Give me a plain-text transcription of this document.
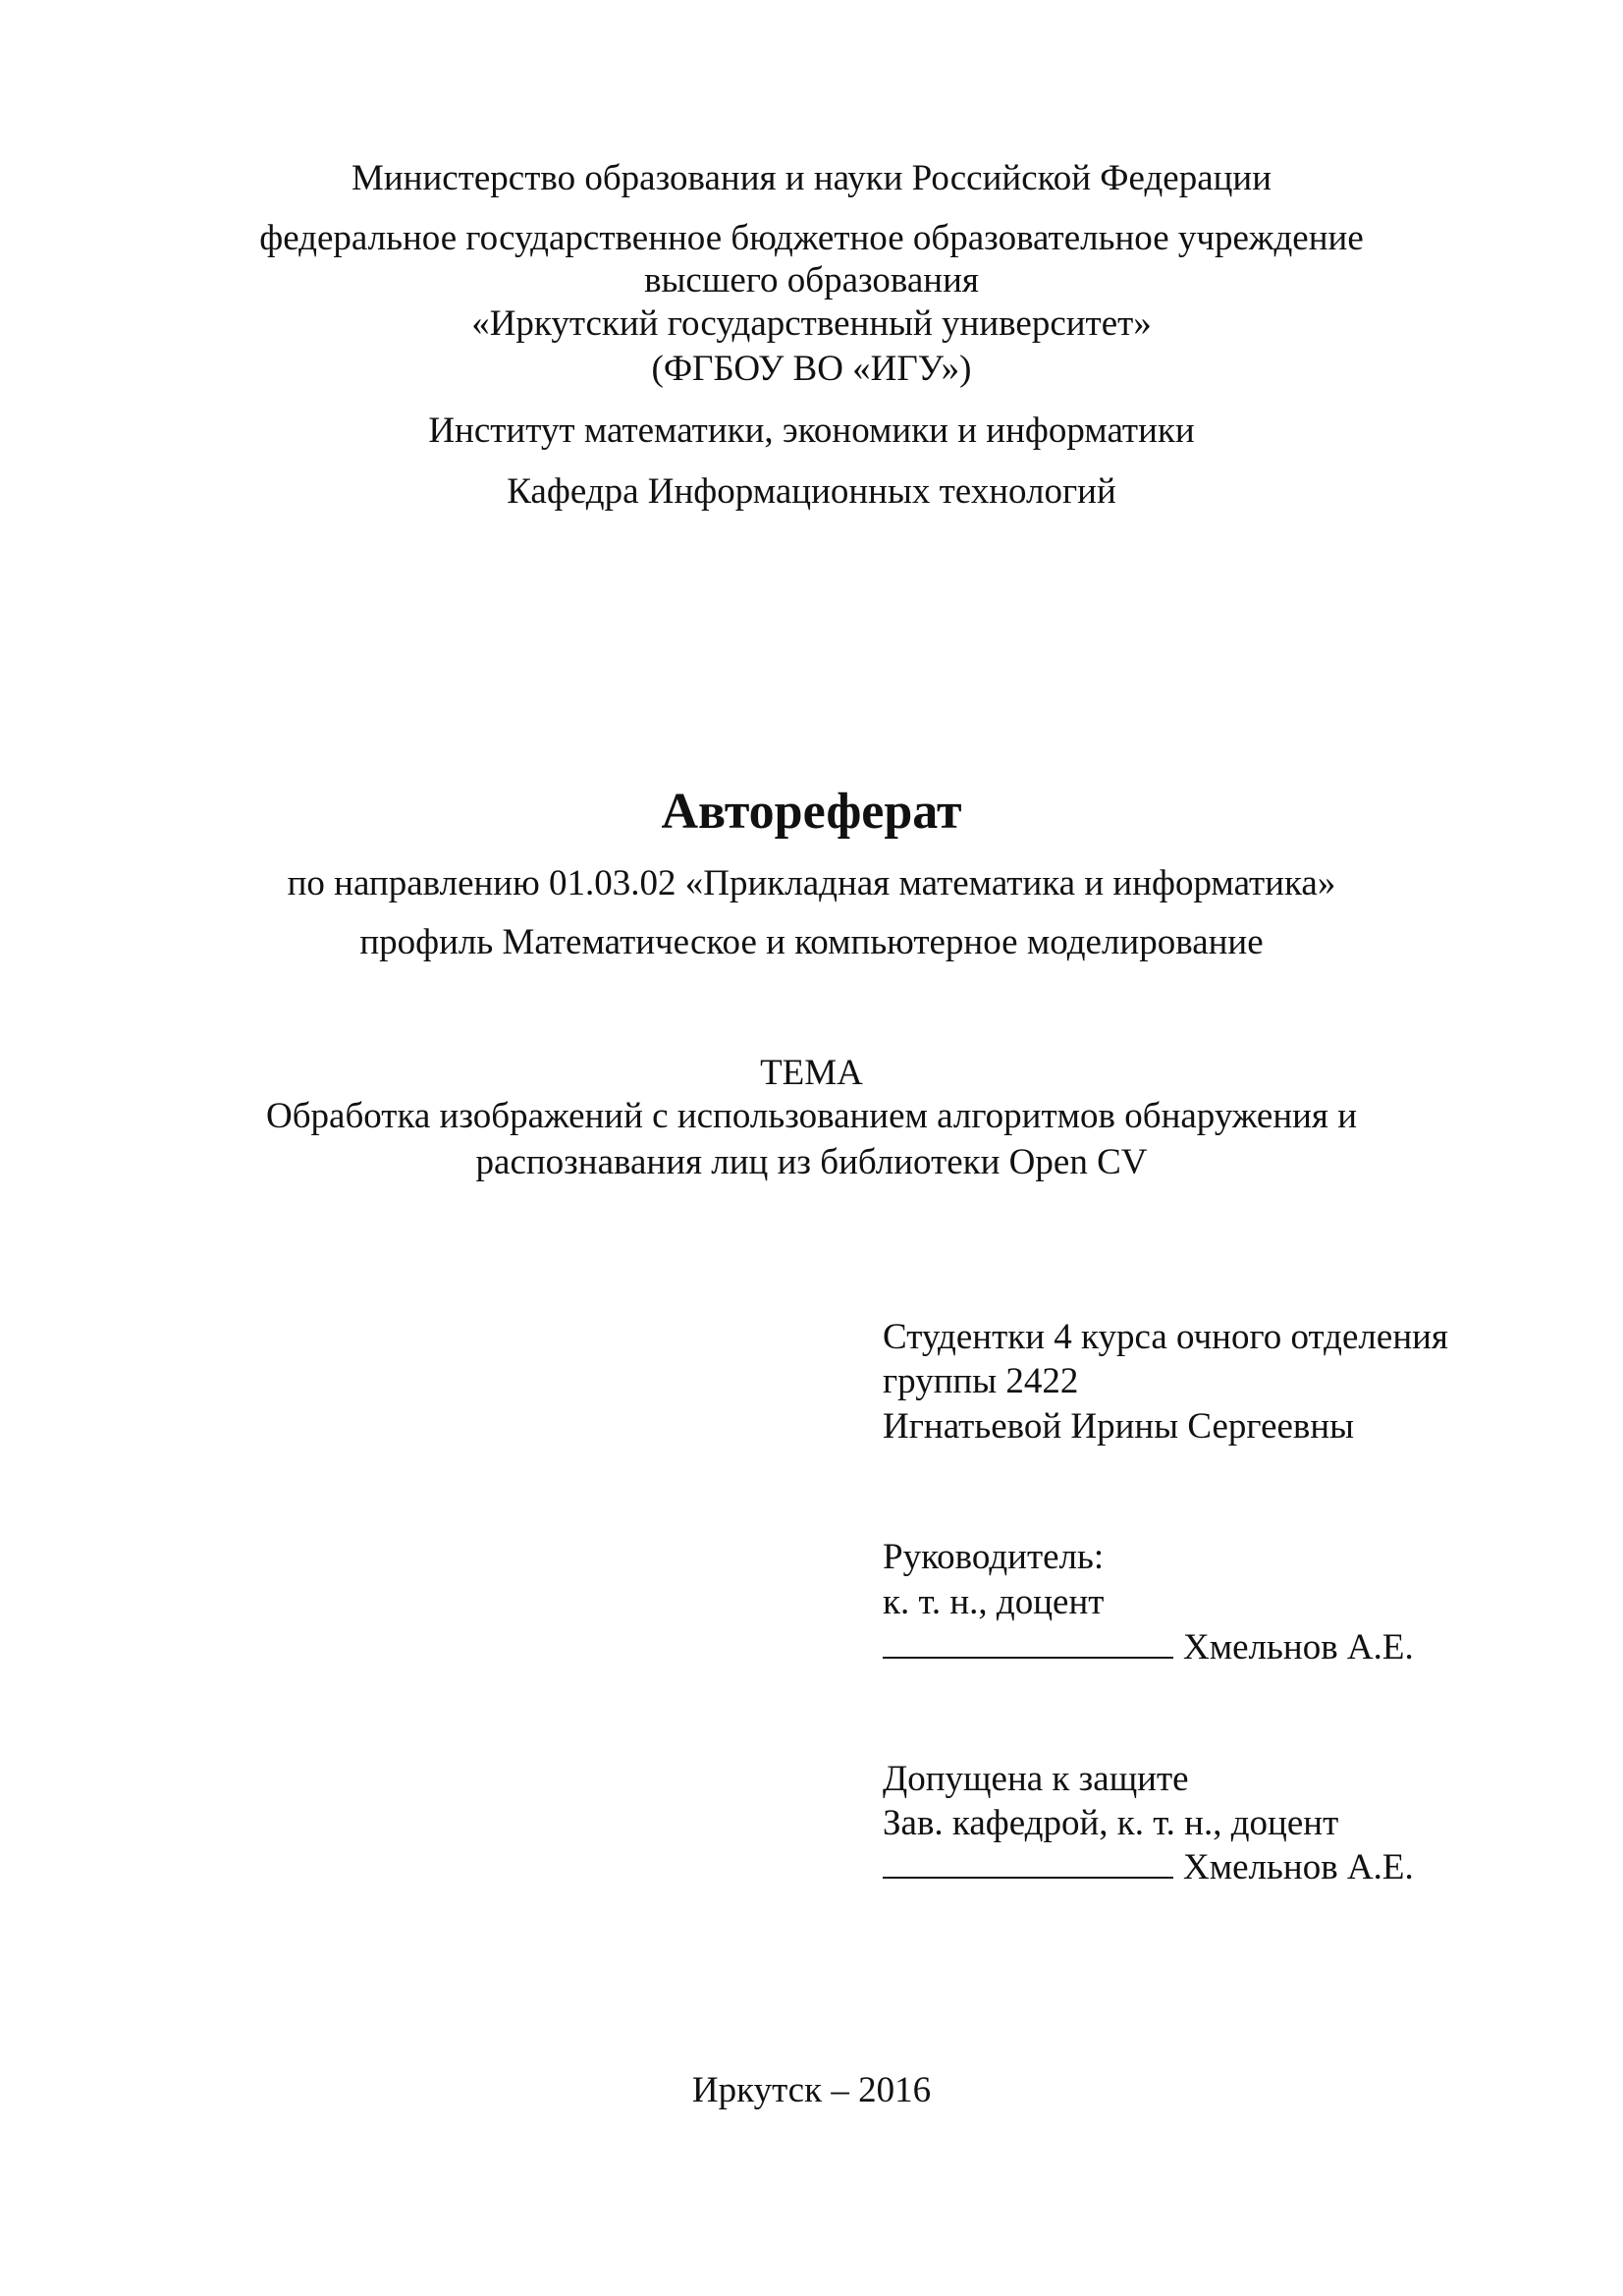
Министерство образования и науки Российской Федерации
федеральное государственное бюджетное образовательное учреждение
высшего образования
«Иркутский государственный университет»
(ФГБОУ ВО «ИГУ»)
Институт математики, экономики и информатики
Кафедра Информационных технологий
Автореферат
по направлению 01.03.02 «Прикладная математика и информатика»
профиль Математическое и компьютерное моделирование
ТЕМА
Обработка изображений с использованием алгоритмов обнаружения и
распознавания лиц из библиотеки Open CV
Студентки 4 курса очного отделения
группы 2422
Игнатьевой Ирины Сергеевны
Руководитель:
к. т. н., доцент
Хмельнов А.Е.
Допущена к защите
Зав. кафедрой, к. т. н., доцент
Хмельнов А.Е.
Иркутск – 2016
